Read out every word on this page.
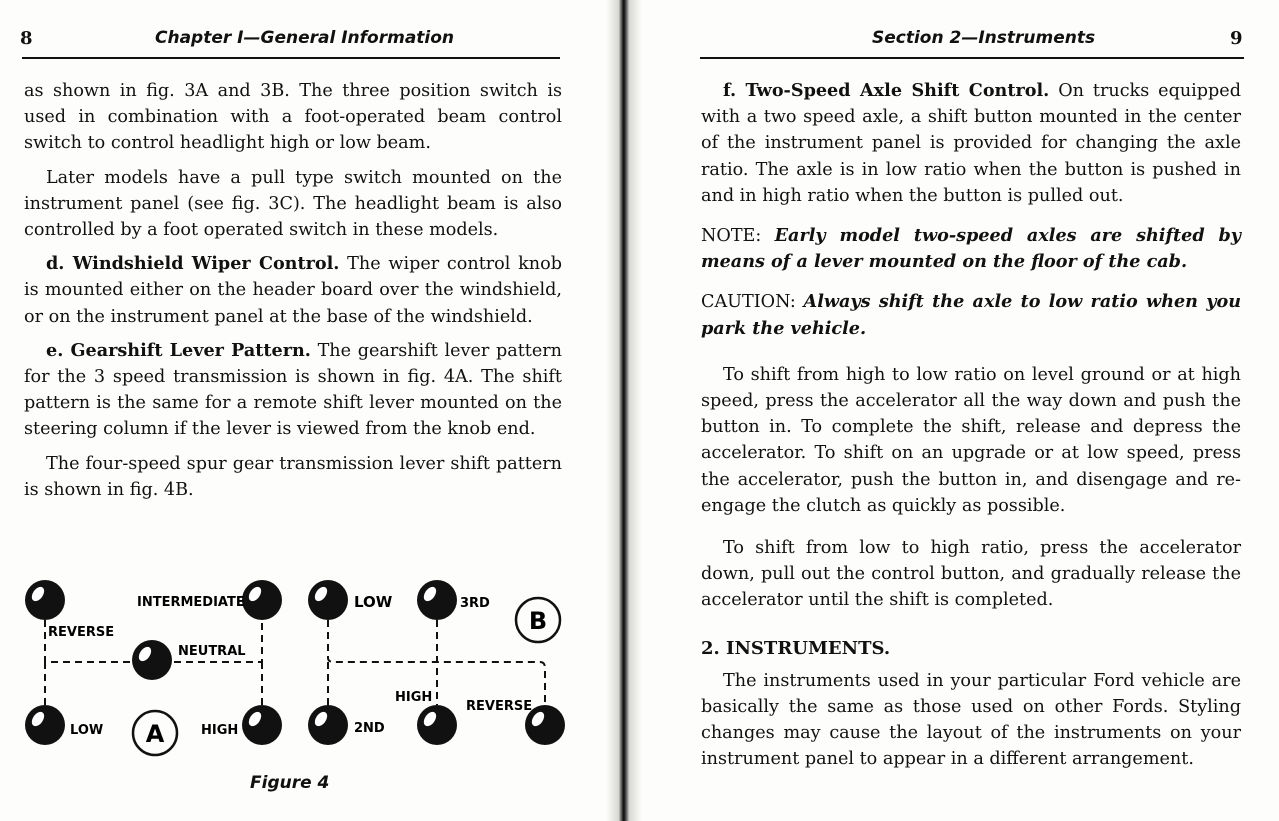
8	Chapter I—General Information

as shown in fig. 3A and 3B. The three position switch is used in combination with a foot-operated beam control switch to control headlight high or low beam.

Later models have a pull type switch mounted on the instrument panel (see fig. 3C). The headlight beam is also controlled by a foot operated switch in these models.

d. Windshield Wiper Control. The wiper control knob is mounted either on the header board over the windshield, or on the instrument panel at the base of the windshield.

e. Gearshift Lever Pattern. The gearshift lever pattern for the 3 speed transmission is shown in fig. 4A. The shift pattern is the same for a remote shift lever mounted on the steering column if the lever is viewed from the knob end.

The four-speed spur gear transmission lever shift pattern is shown in fig. 4B.

INTERMEDIATE
REVERSE
NEUTRAL
LOW	HIGH
A
LOW	3RD
HIGH
REVERSE
2ND
B
Figure 4
Section 2—Instruments	9

f. Two-Speed Axle Shift Control. On trucks equipped with a two speed axle, a shift button mounted in the center of the instrument panel is provided for changing the axle ratio. The axle is in low ratio when the button is pushed in and in high ratio when the button is pulled out.

NOTE: Early model two-speed axles are shifted by means of a lever mounted on the floor of the cab.

CAUTION: Always shift the axle to low ratio when you park the vehicle.

To shift from high to low ratio on level ground or at high speed, press the accelerator all the way down and push the button in. To complete the shift, release and depress the accelerator. To shift on an upgrade or at low speed, press the accelerator, push the button in, and disengage and re-engage the clutch as quickly as possible.

To shift from low to high ratio, press the accelerator down, pull out the control button, and gradually release the accelerator until the shift is completed.

2. INSTRUMENTS.

The instruments used in your particular Ford vehicle are basically the same as those used on other Fords. Styling changes may cause the layout of the instruments on your instrument panel to appear in a different arrangement.
